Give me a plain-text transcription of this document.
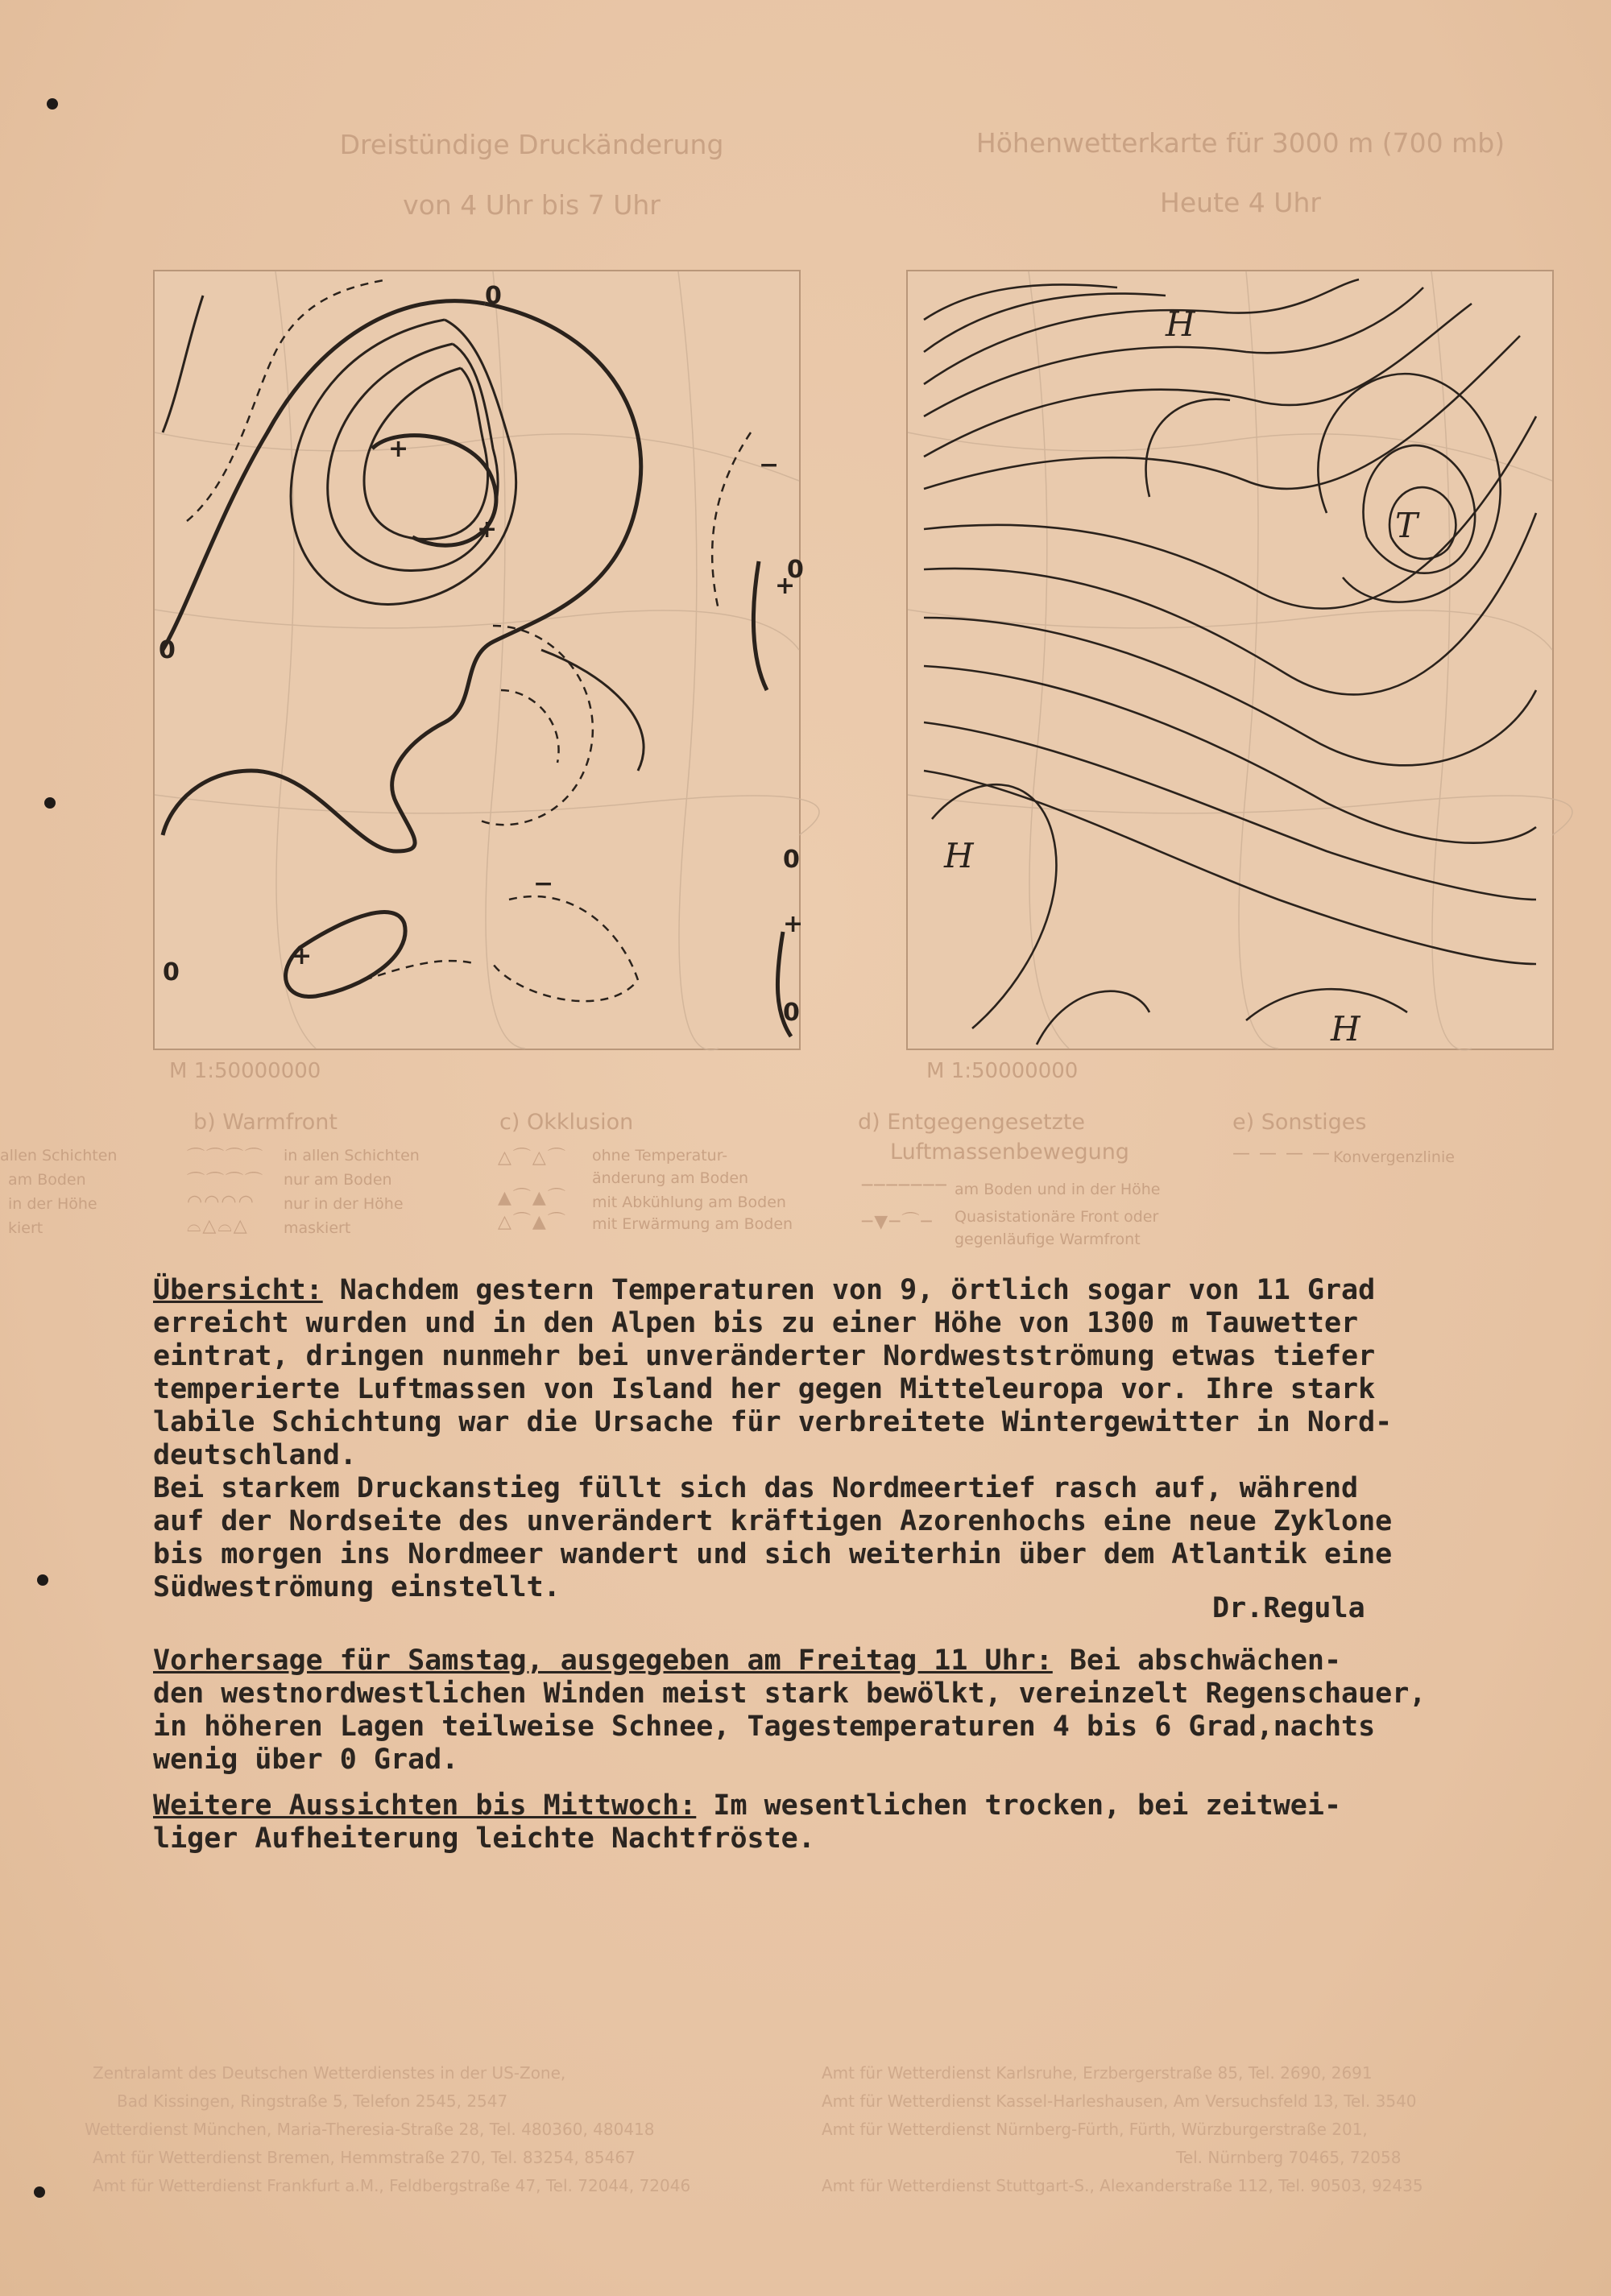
Dreistündige Druckänderung
von 4 Uhr bis 7 Uhr
Höhenwetterkarte für 3000 m (700 mb)
Heute 4 Uhr
+
+
+
+
+
−
−
0
0
0
0
0
0
M 1:50000000
H
H
T
H
M 1:50000000
allen Schichten
am Boden
in der Höhe
kiert
b) Warmfront
⌒⌒⌒⌒
⌒⌒⌒⌒
◠◠◠◠
⌓△⌓△
in allen Schichten
nur am Boden
nur in der Höhe
maskiert
c) Okklusion
△⌒△⌒
▲⌒▲⌒
△⌒▲⌒
ohne Temperatur-
änderung am Boden
mit Abkühlung am Boden
mit Erwärmung am Boden
d) Entgegengesetzte
Luftmassenbewegung
───────
─▼─⌒─
am Boden und in der Höhe
Quasistationäre Front oder
gegenläufige Warmfront
e) Sonstiges
— — — — Konvergenzlinie
Übersicht: Nachdem gestern Temperaturen von 9, örtlich sogar von 11 Grad
erreicht wurden und in den Alpen bis zu einer Höhe von 1300 m Tauwetter
eintrat, dringen nunmehr bei unveränderter Nordwestströmung etwas tiefer
temperierte Luftmassen von Island her gegen Mitteleuropa vor. Ihre stark
labile Schichtung war die Ursache für verbreitete Wintergewitter in Nord-
deutschland.
Bei starkem Druckanstieg füllt sich das Nordmeertief rasch auf, während
auf der Nordseite des unverändert kräftigen Azorenhochs eine neue Zyklone
bis morgen ins Nordmeer wandert und sich weiterhin über dem Atlantik eine
Südweströmung einstellt.
Dr.Regula
Vorhersage für Samstag, ausgegeben am Freitag 11 Uhr: Bei abschwächen-
den westnordwestlichen Winden meist stark bewölkt, vereinzelt Regenschauer,
in höheren Lagen teilweise Schnee, Tagestemperaturen 4 bis 6 Grad,nachts
wenig über 0 Grad.
Weitere Aussichten bis Mittwoch: Im wesentlichen trocken, bei zeitwei-
liger Aufheiterung leichte Nachtfröste.
Zentralamt des Deutschen Wetterdienstes in der US-Zone,
Bad Kissingen, Ringstraße 5, Telefon 2545, 2547
Wetterdienst München, Maria-Theresia-Straße 28, Tel. 480360, 480418
Amt für Wetterdienst Bremen, Hemmstraße 270, Tel. 83254, 85467
Amt für Wetterdienst Frankfurt a.M., Feldbergstraße 47, Tel. 72044, 72046
Amt für Wetterdienst Karlsruhe, Erzbergerstraße 85, Tel. 2690, 2691
Amt für Wetterdienst Kassel-Harleshausen, Am Versuchsfeld 13, Tel. 3540
Amt für Wetterdienst Nürnberg-Fürth, Fürth, Würzburgerstraße 201,
Tel. Nürnberg 70465, 72058
Amt für Wetterdienst Stuttgart-S., Alexanderstraße 112, Tel. 90503, 92435
